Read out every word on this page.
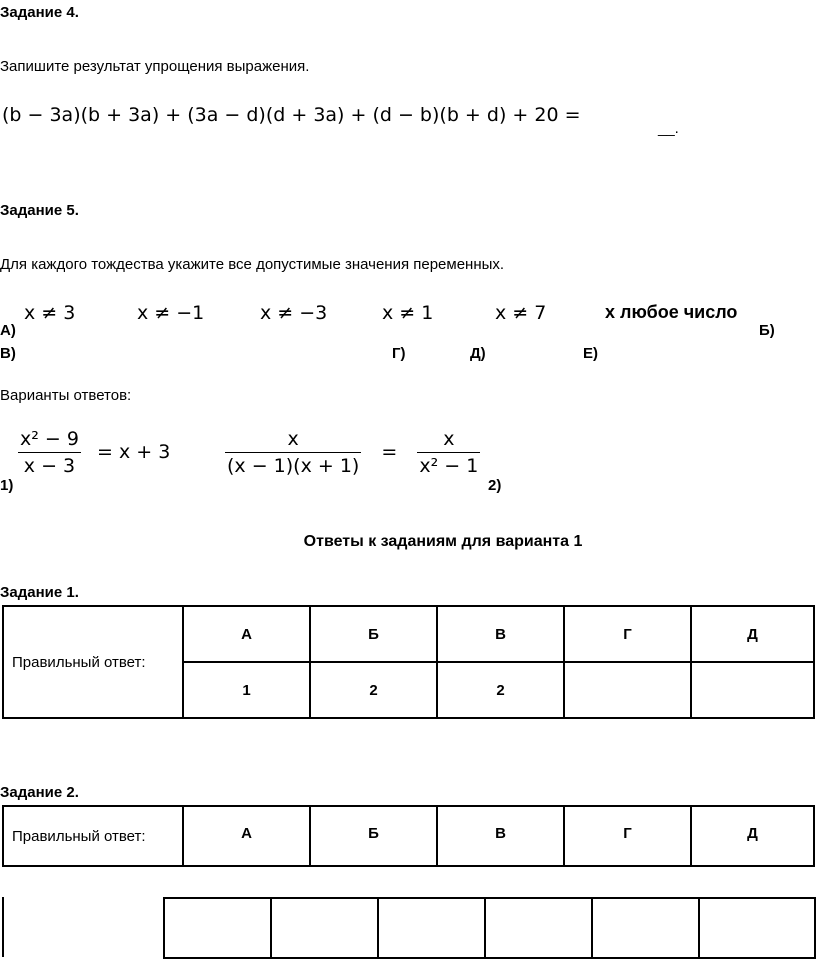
Задание 4.
Запишите результат упрощения выражения.
(b − 3a)(b + 3a) + (3a − d)(d + 3a) + (d − b)(b + d) + 20 =
__.
Задание 5.
Для каждого тождества укажите все допустимые значения переменных.
x ≠ 3	x ≠ −1	x ≠ −3	x ≠ 1	x ≠ 7	x любое число
А)	Б)
В)	Г)	Д)	Е)
Варианты ответов:
$\frac{\text{x² − 9}}{x - 3} = x + 3$
1)
$\frac{x}{(x - 1)(x + 1)} = \frac{x}{\text{x² − 1}}$
2)
Ответы к заданиям для варианта 1
Задание 1.
Правильный ответ:	А	Б	В	Г	Д
	1	2	2		
Задание 2.
Правильный ответ:	А	Б	В	Г	Д
